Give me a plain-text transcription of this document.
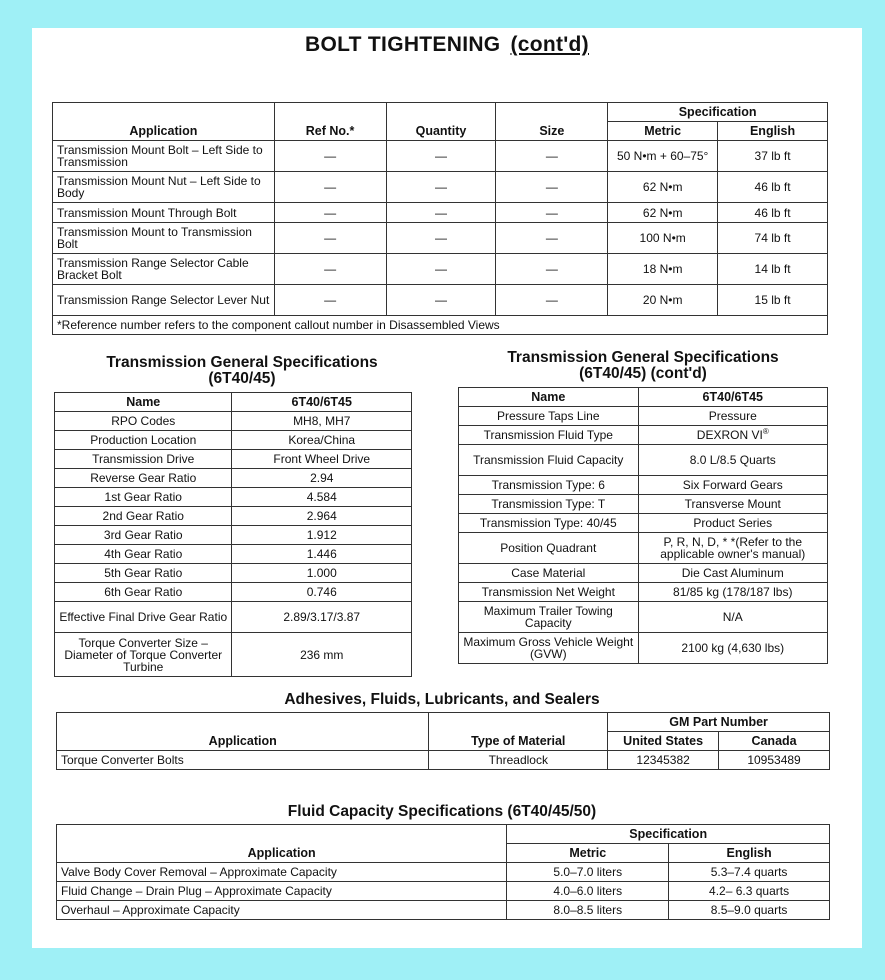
BOLT TIGHTENING (cont'd)
Application	Ref No.*	Quantity	Size	Specification	
				Metric	English
Transmission Mount Bolt – Left Side to Transmission	—	—	—	50 N•m + 60–75°	37 lb ft
Transmission Mount Nut – Left Side to Body	—	—	—	62 N•m	46 lb ft
Transmission Mount Through Bolt	—	—	—	62 N•m	46 lb ft
Transmission Mount to Transmission Bolt	—	—	—	100 N•m	74 lb ft
Transmission Range Selector Cable Bracket Bolt	—	—	—	18 N•m	14 lb ft
Transmission Range Selector Lever Nut	—	—	—	20 N•m	15 lb ft
*Reference number refers to the component callout number in Disassembled Views					
Transmission General Specifications
(6T40/45)
Name	6T40/6T45
RPO Codes	MH8, MH7
Production Location	Korea/China
Transmission Drive	Front Wheel Drive
Reverse Gear Ratio	2.94
1st Gear Ratio	4.584
2nd Gear Ratio	2.964
3rd Gear Ratio	1.912
4th Gear Ratio	1.446
5th Gear Ratio	1.000
6th Gear Ratio	0.746
Effective Final Drive Gear Ratio	2.89/3.17/3.87
Torque Converter Size – Diameter of Torque Converter Turbine	236 mm
Transmission General Specifications
(6T40/45) (cont'd)
Name	6T40/6T45
Pressure Taps Line	Pressure
Transmission Fluid Type	DEXRON VI®
Transmission Fluid Capacity	8.0 L/8.5 Quarts
Transmission Type: 6	Six Forward Gears
Transmission Type: T	Transverse Mount
Transmission Type: 40/45	Product Series
Position Quadrant	P, R, N, D, * *(Refer to the applicable owner's manual)
Case Material	Die Cast Aluminum
Transmission Net Weight	81/85 kg (178/187 lbs)
Maximum Trailer Towing Capacity	N/A
Maximum Gross Vehicle Weight (GVW)	2100 kg (4,630 lbs)
Adhesives, Fluids, Lubricants, and Sealers
Application	Type of Material	GM Part Number	
		United States	Canada
Torque Converter Bolts	Threadlock	12345382	10953489
Fluid Capacity Specifications (6T40/45/50)
Application	Specification	
	Metric	English
Valve Body Cover Removal – Approximate Capacity	5.0–7.0 liters	5.3–7.4 quarts
Fluid Change – Drain Plug – Approximate Capacity	4.0–6.0 liters	4.2– 6.3 quarts
Overhaul – Approximate Capacity	8.0–8.5 liters	8.5–9.0 quarts
